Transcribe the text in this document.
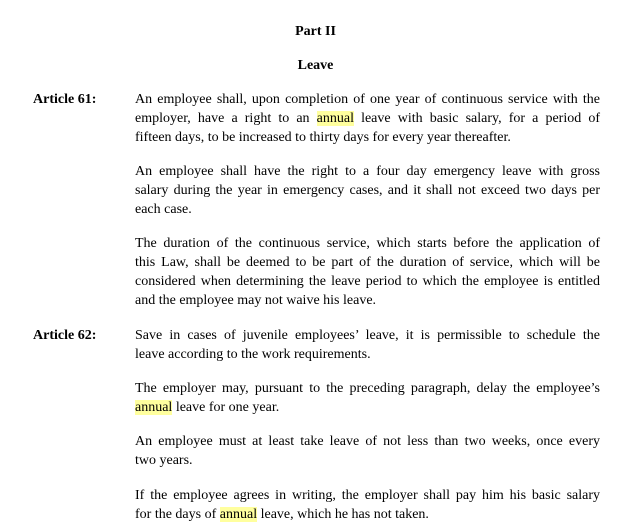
Part II
Leave
Article 61:	An employee shall, upon completion of one year of continuous service with the
employer, have a right to an annual leave with basic salary, for a period of
fifteen days, to be increased to thirty days for every year thereafter.
An employee shall have the right to a four day emergency leave with gross
salary during the year in emergency cases, and it shall not exceed two days per
each case.
The duration of the continuous service, which starts before the application of
this Law, shall be deemed to be part of the duration of service, which will be
considered when determining the leave period to which the employee is entitled
and the employee may not waive his leave.
Article 62:	Save in cases of juvenile employees’ leave, it is permissible to schedule the
leave according to the work requirements.
The employer may, pursuant to the preceding paragraph, delay the employee’s
annual leave for one year.
An employee must at least take leave of not less than two weeks, once every
two years.
If the employee agrees in writing, the employer shall pay him his basic salary
for the days of annual leave, which he has not taken.
